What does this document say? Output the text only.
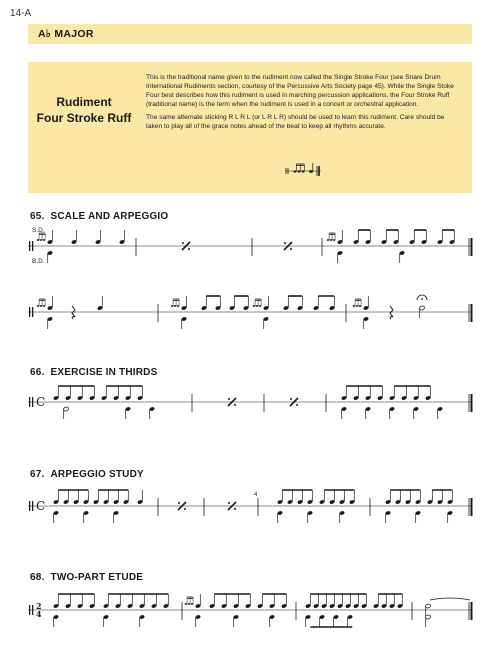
14-A
A♭ MAJOR
Rudiment
Four Stroke Ruff

This is the traditional name given to the rudiment now called the Single Stroke Four (see Snare Drum International Rudiments section, courtesy of the Percussive Arts Society page 45). While the Single Stoke Four best describes how this rudiment is used in marching percussion applications, the Four Stroke Ruff (traditional name) is the term when the rudiment is used in a concert or orchestral application.

The same alternate sticking R L R L (or L R L R) should be used to learn this rudiment. Care should be taken to play all of the grace notes ahead of the beat to keep all rhythms accurate.

65. SCALE AND ARPEGGIO
S.D.
B.D.
66. EXERCISE IN THIRDS
C
67. ARPEGGIO STUDY
C
4
68. TWO-PART ETUDE
2
4
